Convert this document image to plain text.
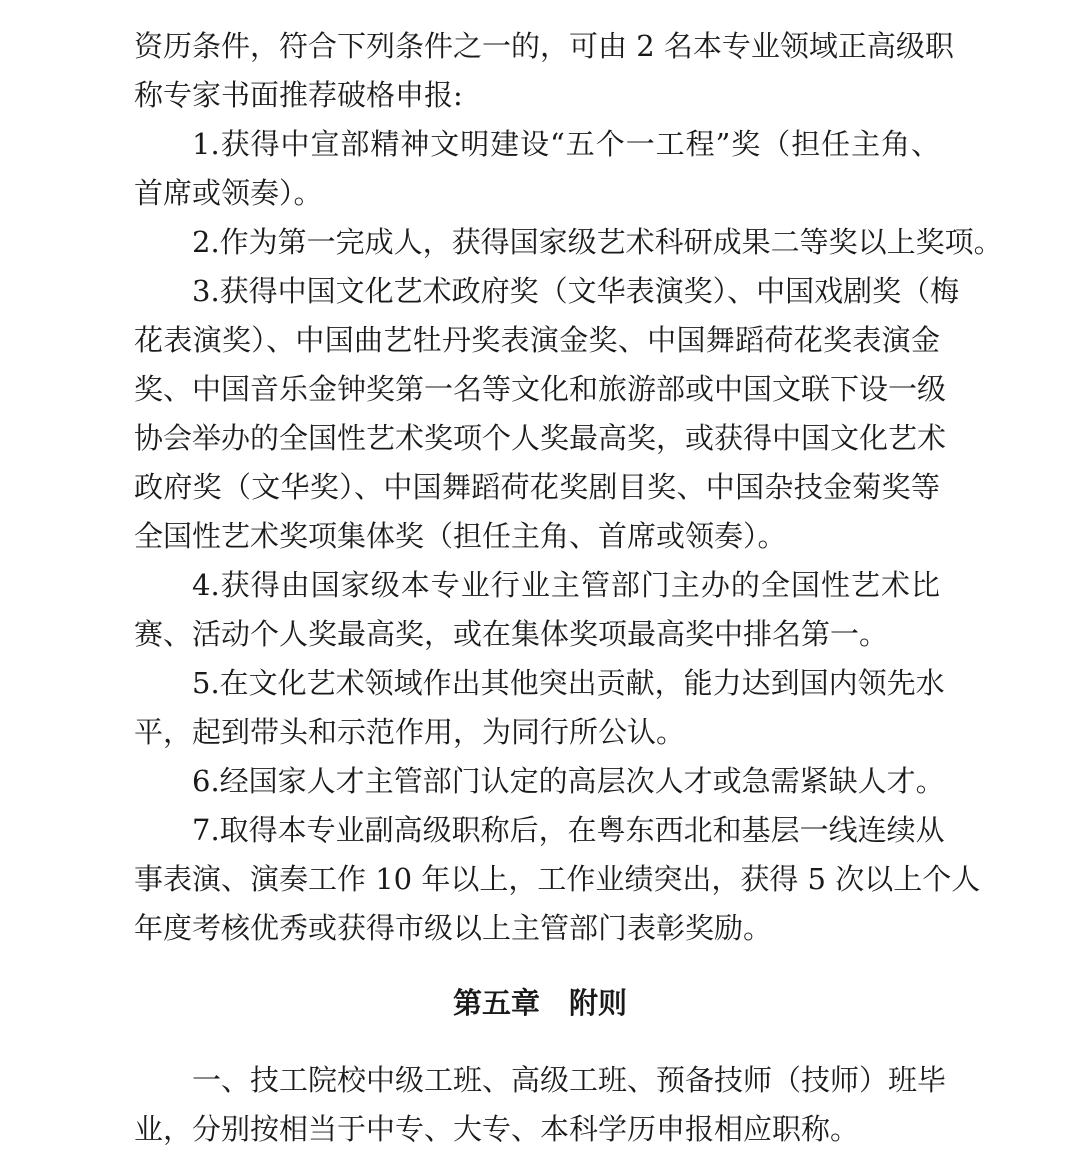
资历条件，符合下列条件之一的，可由 2 名本专业领域正高级职
称专家书面推荐破格申报:
1.获得中宣部精神文明建设“五个一工程”奖（担任主角、
首席或领奏）。
2.作为第一完成人，获得国家级艺术科研成果二等奖以上奖项。
3.获得中国文化艺术政府奖（文华表演奖）、中国戏剧奖（梅
花表演奖）、中国曲艺牡丹奖表演金奖、中国舞蹈荷花奖表演金
奖、中国音乐金钟奖第一名等文化和旅游部或中国文联下设一级
协会举办的全国性艺术奖项个人奖最高奖，或获得中国文化艺术
政府奖（文华奖）、中国舞蹈荷花奖剧目奖、中国杂技金菊奖等
全国性艺术奖项集体奖（担任主角、首席或领奏）。
4.获得由国家级本专业行业主管部门主办的全国性艺术比
赛、活动个人奖最高奖，或在集体奖项最高奖中排名第一。
5.在文化艺术领域作出其他突出贡献，能力达到国内领先水
平，起到带头和示范作用，为同行所公认。
6.经国家人才主管部门认定的高层次人才或急需紧缺人才。
7.取得本专业副高级职称后，在粤东西北和基层一线连续从
事表演、演奏工作 10 年以上，工作业绩突出，获得 5 次以上个人
年度考核优秀或获得市级以上主管部门表彰奖励。
第五章　附则
一、技工院校中级工班、高级工班、预备技师（技师）班毕
业，分别按相当于中专、大专、本科学历申报相应职称。
